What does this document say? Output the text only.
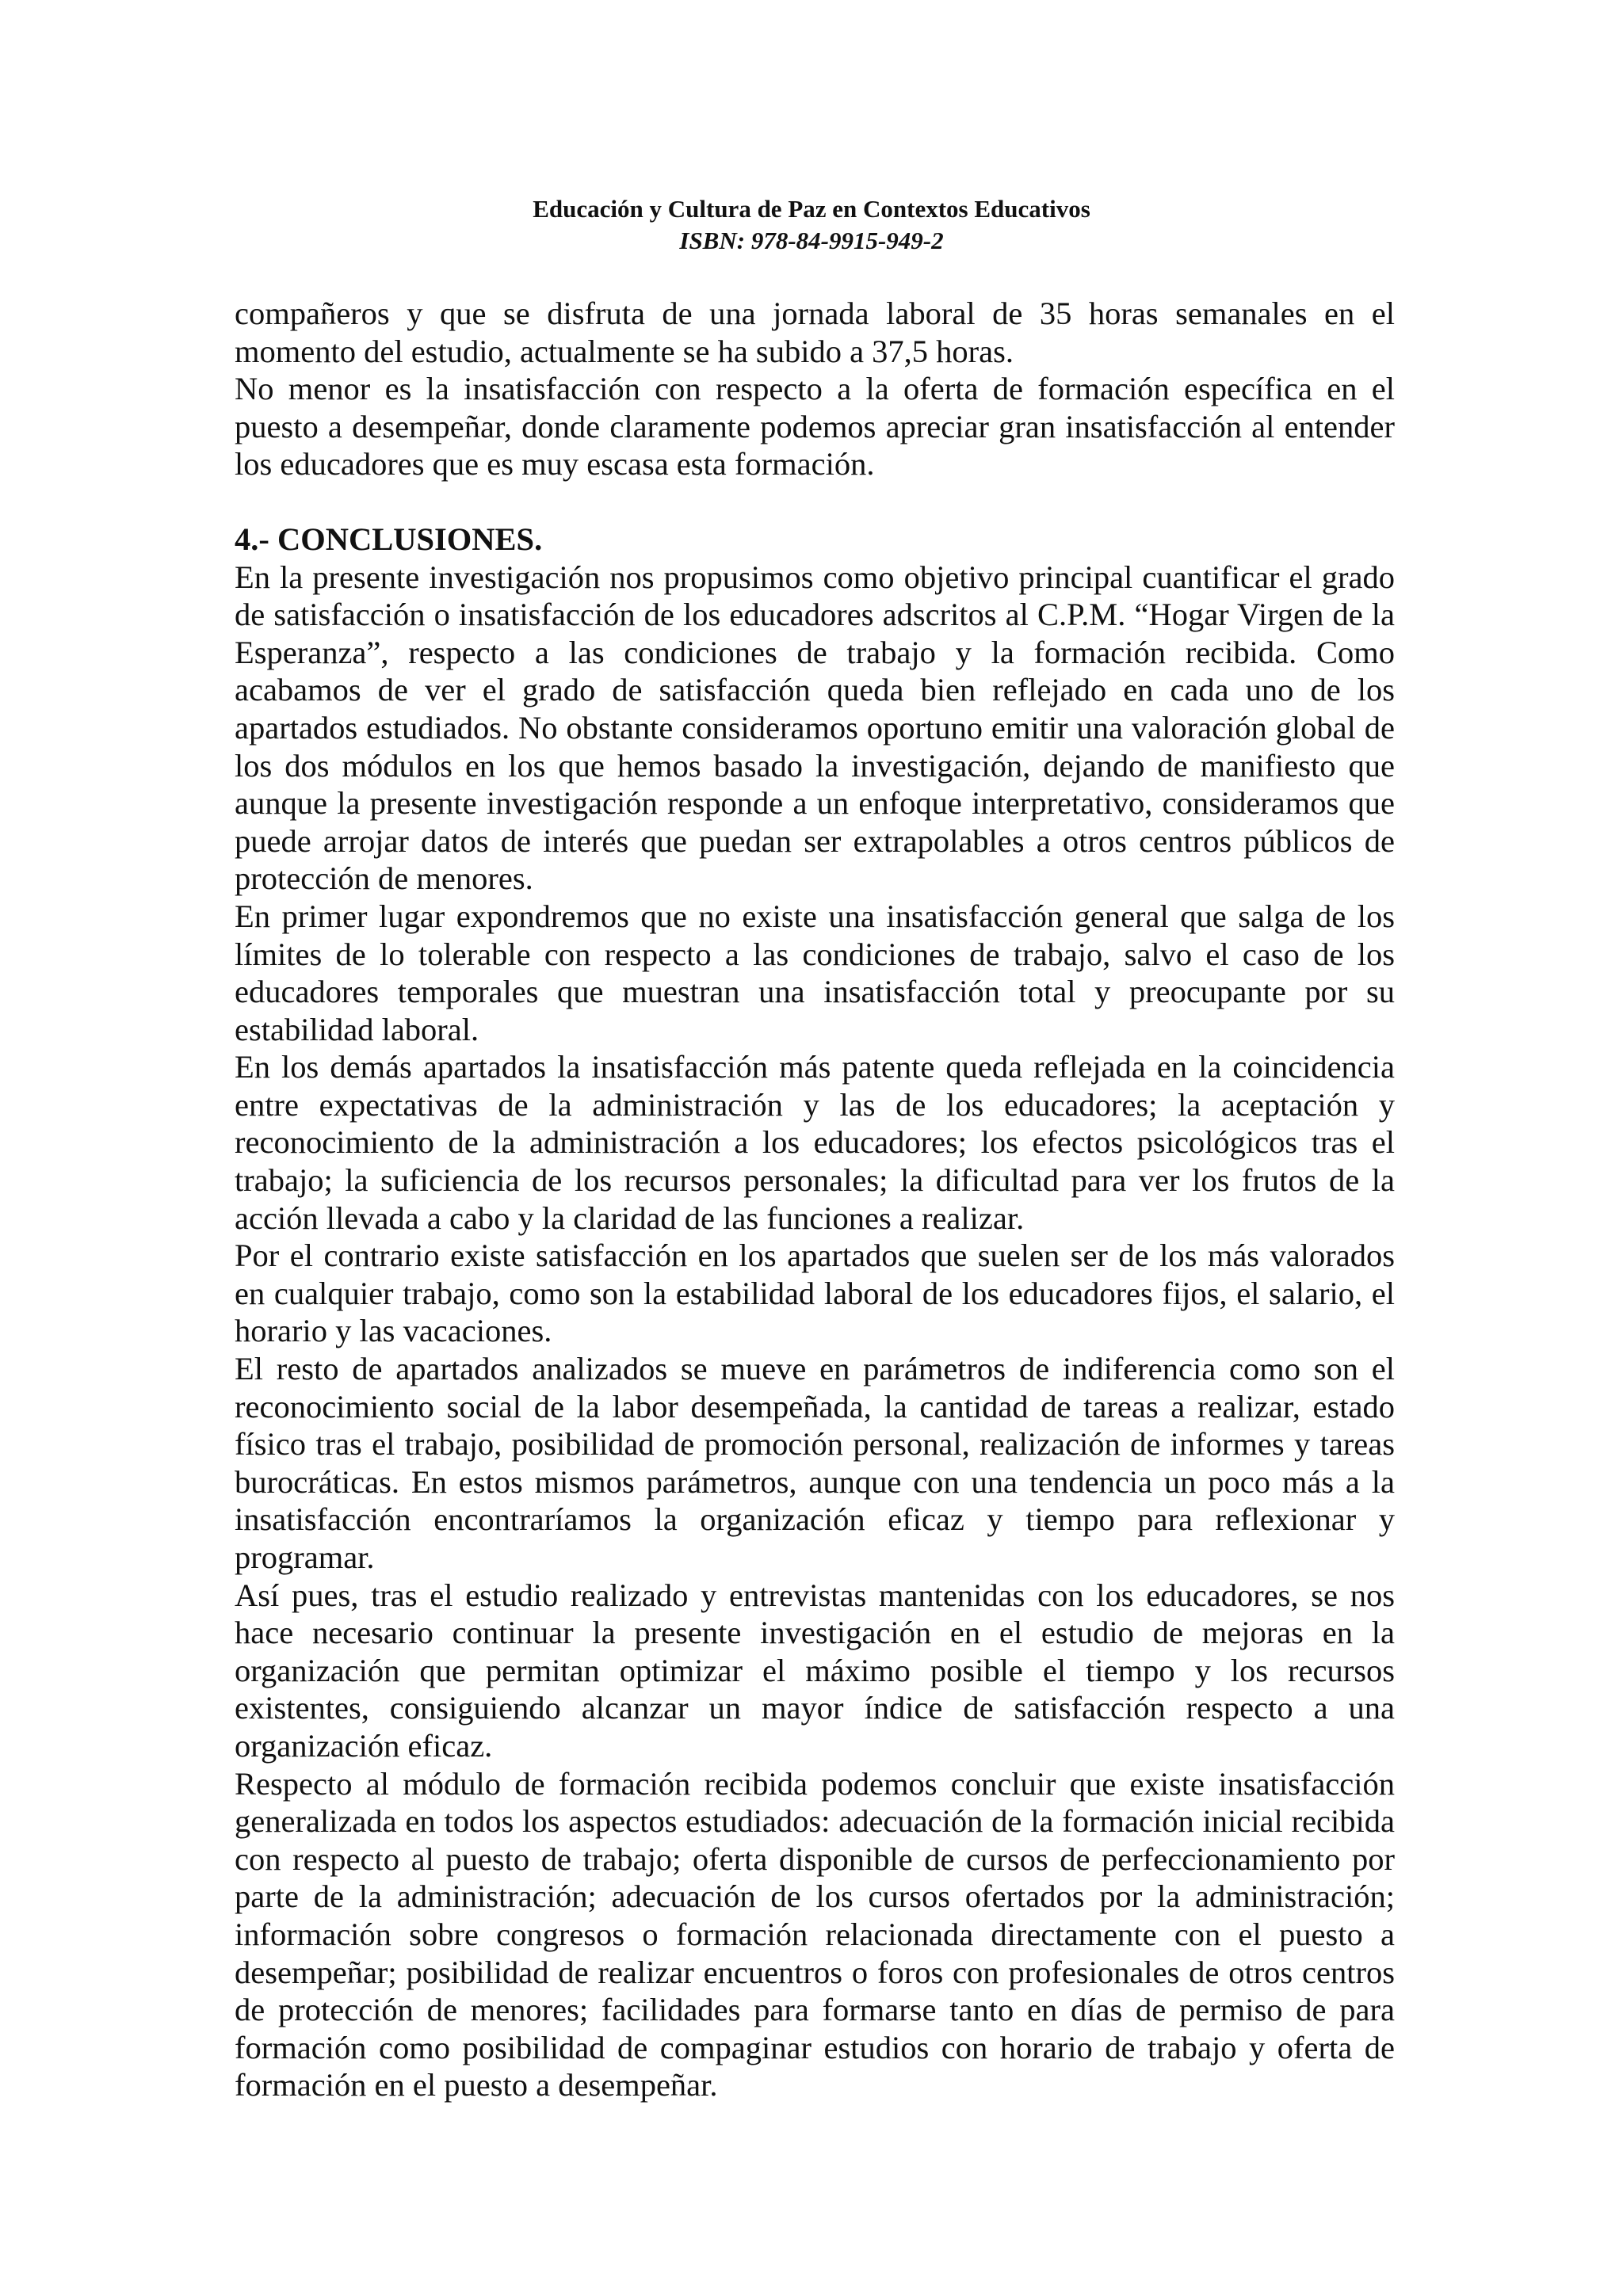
Educación y Cultura de Paz en Contextos Educativos
ISBN: 978-84-9915-949-2

compañeros y que se disfruta de una jornada laboral de 35 horas semanales en el momento del estudio, actualmente se ha subido a 37,5 horas.

No menor es la insatisfacción con respecto a la oferta de formación específica en el puesto a desempeñar, donde claramente podemos apreciar gran insatisfacción al entender los educadores que es muy escasa esta formación.

4.- CONCLUSIONES.

En la presente investigación nos propusimos como objetivo principal cuantificar el grado de satisfacción o insatisfacción de los educadores adscritos al C.P.M. “Hogar Virgen de la Esperanza”, respecto a las condiciones de trabajo y la formación recibida. Como acabamos de ver el grado de satisfacción queda bien reflejado en cada uno de los apartados estudiados. No obstante consideramos oportuno emitir una valoración global de los dos módulos en los que hemos basado la investigación, dejando de manifiesto que aunque la presente investigación responde a un enfoque interpretativo, consideramos que puede arrojar datos de interés que puedan ser extrapolables a otros centros públicos de protección de menores.

En primer lugar expondremos que no existe una insatisfacción general que salga de los límites de lo tolerable con respecto a las condiciones de trabajo, salvo el caso de los educadores temporales que muestran una insatisfacción total y preocupante por su estabilidad laboral.

En los demás apartados la insatisfacción más patente queda reflejada en la coincidencia entre expectativas de la administración y las de los educadores; la aceptación y reconocimiento de la administración a los educadores; los efectos psicológicos tras el trabajo; la suficiencia de los recursos personales; la dificultad para ver los frutos de la acción llevada a cabo y la claridad de las funciones a realizar.

Por el contrario existe satisfacción en los apartados que suelen ser de los más valorados en cualquier trabajo, como son la estabilidad laboral de los educadores fijos, el salario, el horario y las vacaciones.

El resto de apartados analizados se mueve en parámetros de indiferencia como son el reconocimiento social de la labor desempeñada, la cantidad de tareas a realizar, estado físico tras el trabajo, posibilidad de promoción personal, realización de informes y tareas burocráticas. En estos mismos parámetros, aunque con una tendencia un poco más a la insatisfacción encontraríamos la organización eficaz y tiempo para reflexionar y programar.

Así pues, tras el estudio realizado y entrevistas mantenidas con los educadores, se nos hace necesario continuar la presente investigación en el estudio de mejoras en la organización que permitan optimizar el máximo posible el tiempo y los recursos existentes, consiguiendo alcanzar un mayor índice de satisfacción respecto a una organización eficaz.

Respecto al módulo de formación recibida podemos concluir que existe insatisfacción generalizada en todos los aspectos estudiados: adecuación de la formación inicial recibida con respecto al puesto de trabajo; oferta disponible de cursos de perfeccionamiento por parte de la administración; adecuación de los cursos ofertados por la administración; información sobre congresos o formación relacionada directamente con el puesto a desempeñar; posibilidad de realizar encuentros o foros con profesionales de otros centros de protección de menores; facilidades para formarse tanto en días de permiso de para formación como posibilidad de compaginar estudios con horario de trabajo y oferta de formación en el puesto a desempeñar.
